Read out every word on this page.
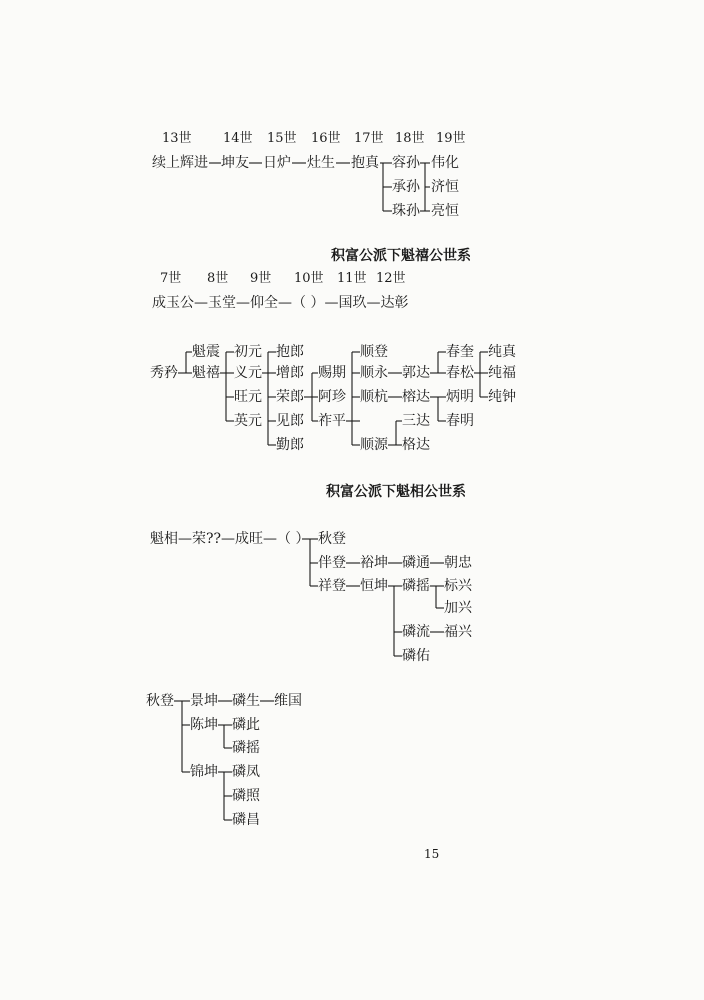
13世 14世 15世 16世 17世 18世 19世
续上辉进 坤友 日炉 灶生 抱真 容孙
承孙
珠孙
伟化
济恒
亮恒
积富公派下魁禧公世系
7世 8世 9世 10世 11世 12世
成玉公—玉堂—仰全—（ ）—国玖—达彰
秀矜
魁震
魁禧
初元
义元
旺元
英元
抱郎
增郎
荣郎
见郎
勤郎
赐期
阿珍
祚平
顺登
顺永
顺杭
顺源
郭达
榕达
三达
格达
春奎
春松
炳明
春明
纯真
纯福
纯钟
积富公派下魁相公世系
魁相—荣??—成旺—（ ） 秋登
伴登 裕坤 磷通 朝忠
祥登 恒坤 磷摇 标兴
加兴
磷流 福兴
磷佑
秋登 景坤 磷生 维国
陈坤 磷此
磷摇
锦坤 磷凤
磷照
磷昌
15
